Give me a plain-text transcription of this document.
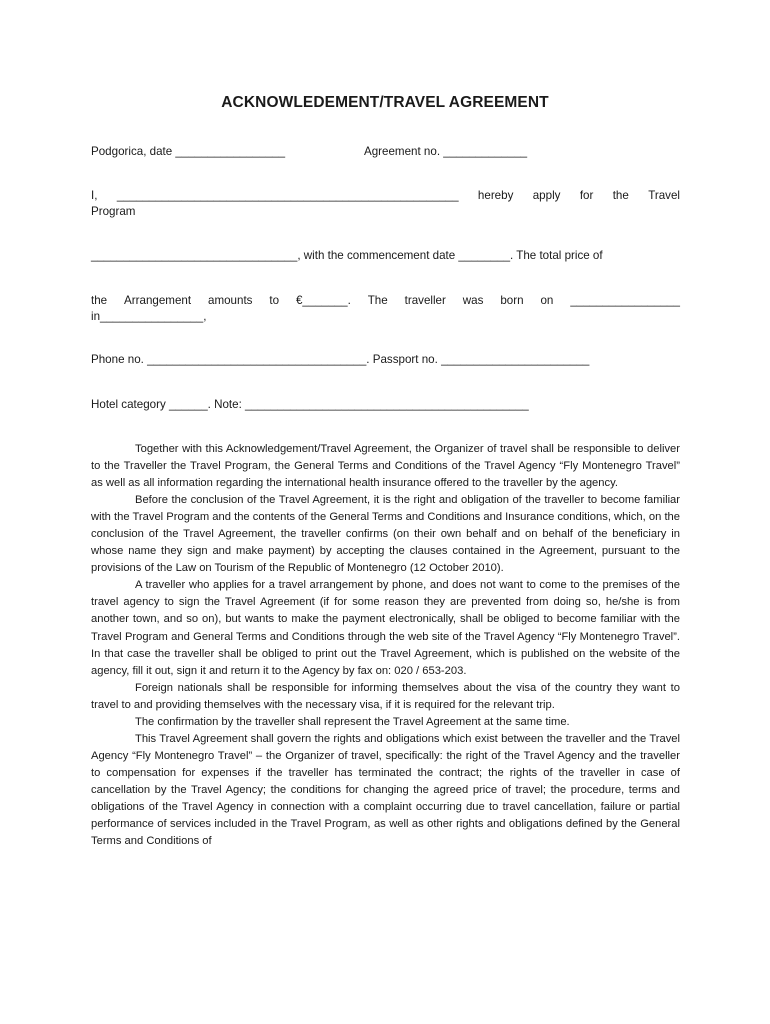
ACKNOWLEDEMENT/TRAVEL AGREEMENT
Podgorica, date _________________	Agreement no. _____________
I, _____________________________________________________ hereby apply for the Travel
Program
________________________________, with the commencement date ________. The total price of
the Arrangement amounts to €_______. The traveller was born on _________________
in________________,
Phone no. __________________________________. Passport no. _______________________
Hotel category ______. Note: ____________________________________________

Together with this Acknowledgement/Travel Agreement, the Organizer of travel shall be responsible to deliver to the Traveller the Travel Program, the General Terms and Conditions of the Travel Agency “Fly Montenegro Travel” as well as all information regarding the international health insurance offered to the traveller by the agency.

Before the conclusion of the Travel Agreement, it is the right and obligation of the traveller to become familiar with the Travel Program and the contents of the General Terms and Conditions and Insurance conditions, which, on the conclusion of the Travel Agreement, the traveller confirms (on their own behalf and on behalf of the beneficiary in whose name they sign and make payment) by accepting the clauses contained in the Agreement, pursuant to the provisions of the Law on Tourism of the Republic of Montenegro (12 October 2010).

A traveller who applies for a travel arrangement by phone, and does not want to come to the premises of the travel agency to sign the Travel Agreement (if for some reason they are prevented from doing so, he/she is from another town, and so on), but wants to make the payment electronically, shall be obliged to become familiar with the Travel Program and General Terms and Conditions through the web site of the Travel Agency “Fly Montenegro Travel”. In that case the traveller shall be obliged to print out the Travel Agreement, which is published on the website of the agency, fill it out, sign it and return it to the Agency by fax on: 020 / 653-203.

Foreign nationals shall be responsible for informing themselves about the visa of the country they want to travel to and providing themselves with the necessary visa, if it is required for the relevant trip.

The confirmation by the traveller shall represent the Travel Agreement at the same time.

This Travel Agreement shall govern the rights and obligations which exist between the traveller and the Travel Agency “Fly Montenegro Travel” – the Organizer of travel, specifically: the right of the Travel Agency and the traveller to compensation for expenses if the traveller has terminated the contract; the rights of the traveller in case of cancellation by the Travel Agency; the conditions for changing the agreed price of travel; the procedure, terms and obligations of the Travel Agency in connection with a complaint occurring due to travel cancellation, failure or partial performance of services included in the Travel Program, as well as other rights and obligations defined by the General Terms and Conditions of
